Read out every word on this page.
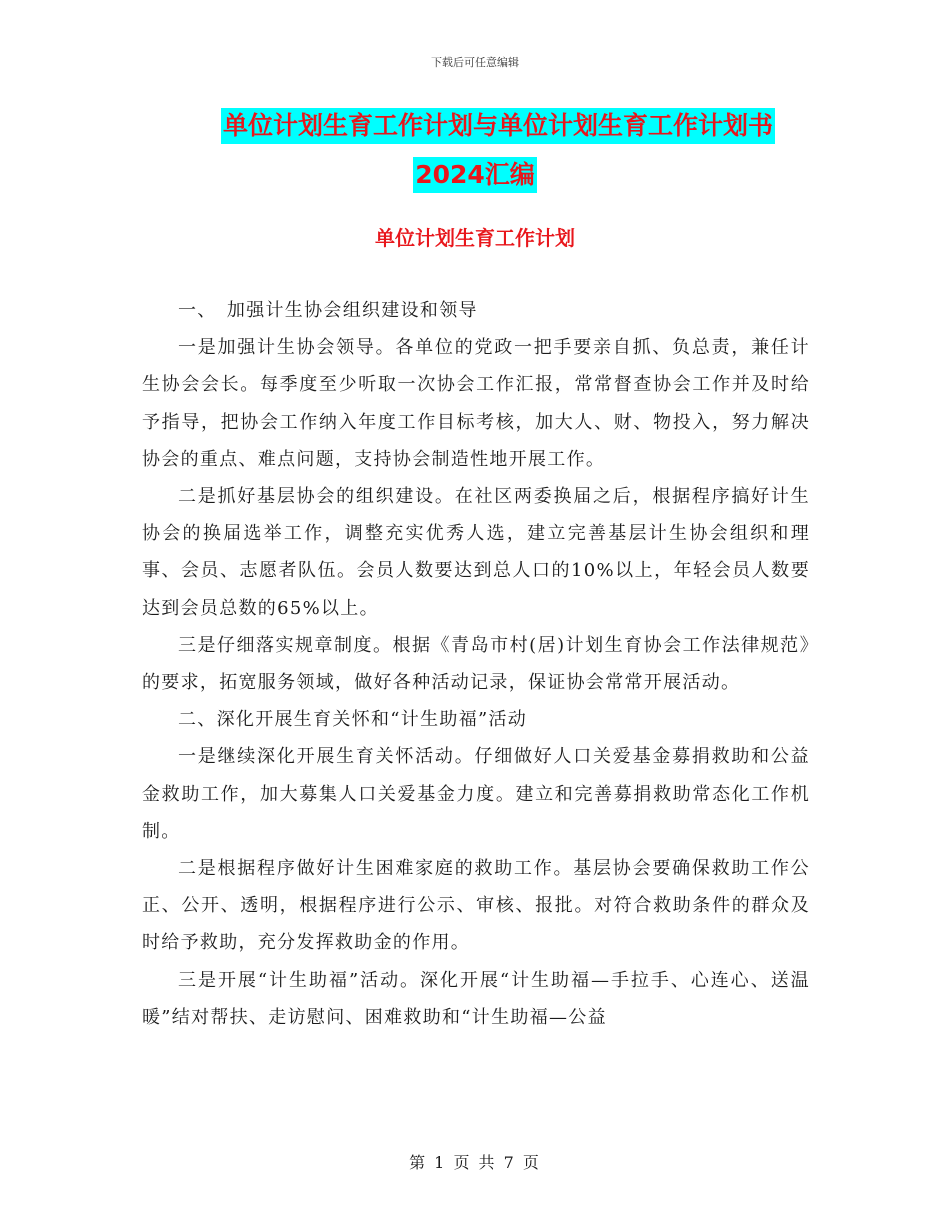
下载后可任意编辑
单位计划生育工作计划与单位计划生育工作计划书
2024汇编
单位计划生育工作计划

一、　加强计生协会组织建设和领导

一是加强计生协会领导。各单位的党政一把手要亲自抓、负总责，兼任计生协会会长。每季度至少听取一次协会工作汇报，常常督查协会工作并及时给予指导，把协会工作纳入年度工作目标考核，加大人、财、物投入，努力解决协会的重点、难点问题，支持协会制造性地开展工作。

二是抓好基层协会的组织建设。在社区两委换届之后，根据程序搞好计生协会的换届选举工作，调整充实优秀人选，建立完善基层计生协会组织和理事、会员、志愿者队伍。会员人数要达到总人口的10%以上，年轻会员人数要达到会员总数的65%以上。

三是仔细落实规章制度。根据《青岛市村(居)计划生育协会工作法律规范》的要求，拓宽服务领域，做好各种活动记录，保证协会常常开展活动。

二、深化开展生育关怀和“计生助福”活动

一是继续深化开展生育关怀活动。仔细做好人口关爱基金募捐救助和公益金救助工作，加大募集人口关爱基金力度。建立和完善募捐救助常态化工作机制。

二是根据程序做好计生困难家庭的救助工作。基层协会要确保救助工作公正、公开、透明，根据程序进行公示、审核、报批。对符合救助条件的群众及时给予救助，充分发挥救助金的作用。

三是开展“计生助福”活动。深化开展“计生助福—手拉手、心连心、送温暖”结对帮扶、走访慰问、困难救助和“计生助福—公益

第 1 页 共 7 页
